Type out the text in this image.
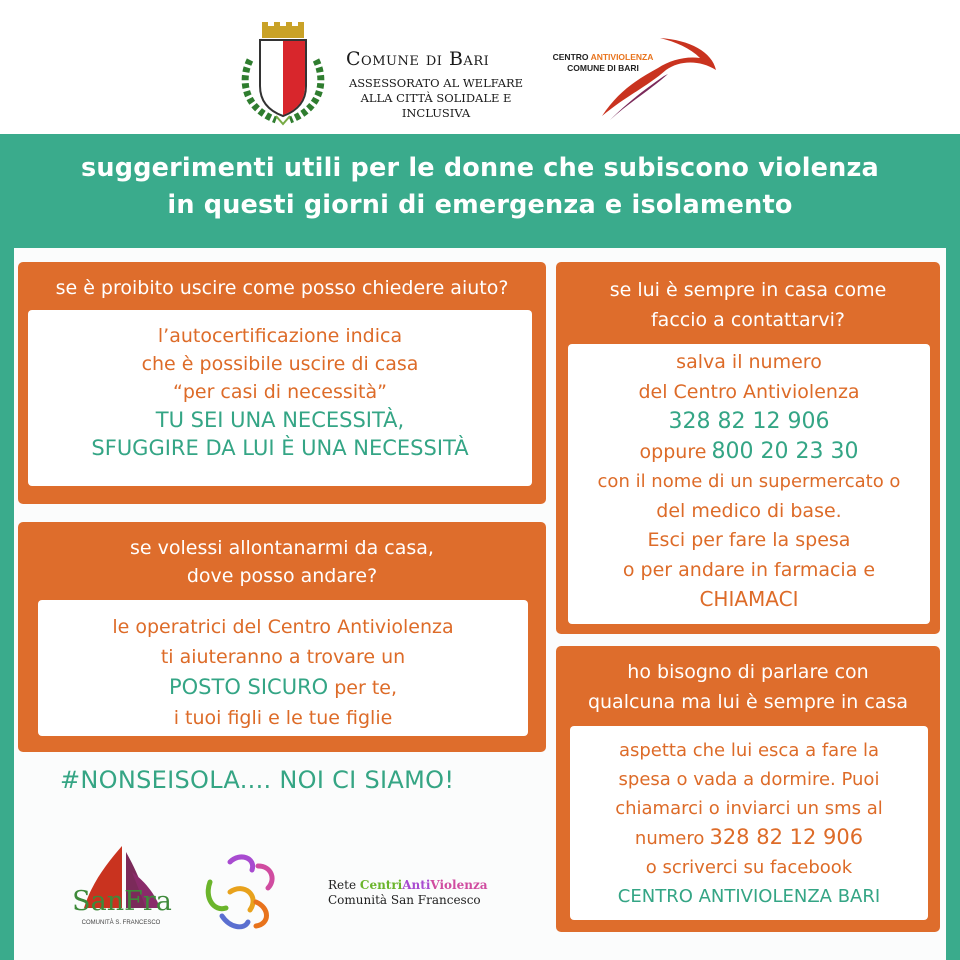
Comune di Bari
ASSESSORATO AL WELFARE
ALLA CITTÀ SOLIDALE E INCLUSIVA
CENTRO ANTIVIOLENZA
COMUNE DI BARI
suggerimenti utili per le donne che subiscono violenza
in questi giorni di emergenza e isolamento
se è proibito uscire come posso chiedere aiuto?
l’autocertificazione indica
che è possibile uscire di casa
“per casi di necessità”
TU SEI UNA NECESSITÀ,
SFUGGIRE DA LUI È UNA NECESSITÀ
se volessi allontanarmi da casa,
dove posso andare?
le operatrici del Centro Antiviolenza
ti aiuteranno a trovare un
POSTO SICURO per te,
i tuoi figli e le tue figlie
se lui è sempre in casa come
faccio a contattarvi?
salva il numero
del Centro Antiviolenza
328 82 12 906
oppure 800 20 23 30
con il nome di un supermercato o
del medico di base.
Esci per fare la spesa
o per andare in farmacia e
CHIAMACI
ho bisogno di parlare con
qualcuna ma lui è sempre in casa
aspetta che lui esca a fare la
spesa o vada a dormire. Puoi
chiamarci o inviarci un sms al
numero 328 82 12 906
o scriverci su facebook
CENTRO ANTIVIOLENZA BARI
#NONSEISOLA.... NOI CI SIAMO!
SanFra
COMUNITÀ S. FRANCESCO
Rete CentriAntiViolenza
Comunità San Francesco
